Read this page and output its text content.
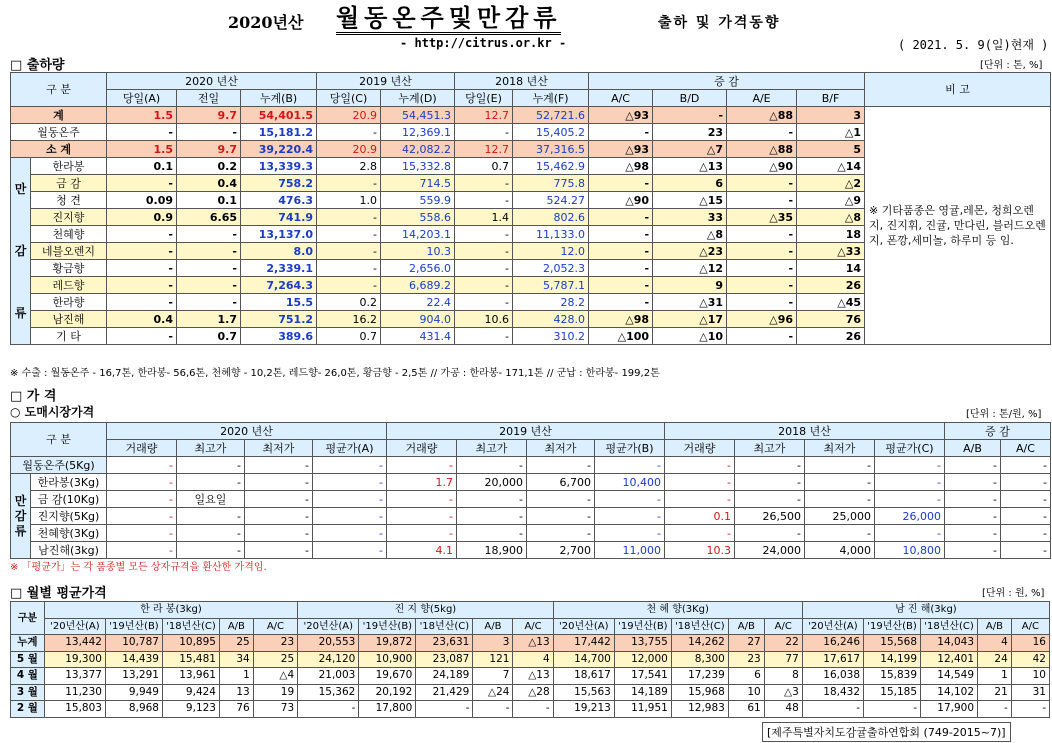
2020년산 월동온주및만감류	출하 및 가격동향
- http://citrus.or.kr -	( 2021. 5. 9(일)현재 )
□ 출하량	[단위 : 톤, %]
구 분		2020 년산			2019 년산		2018 년산		증 감				비 고
		당일(A)	전일	누계(B)	당일(C)	누계(D)	당일(E)	누계(F)	A/C	B/D	A/E	B/F	
계		1.5	9.7	54,401.5	20.9	54,451.3	12.7	52,721.6	△93	-	△88	3	※ 기타품종은 영귤,레몬, 청희오렌지, 진지휘, 진귤, 만다린, 블러드오렌지, 폰깡,세미놀, 하루미 등 임.
월동온주		-	-	15,181.2	-	12,369.1	-	15,405.2	-	23	-	△1	
소 계		1.5	9.7	39,220.4	20.9	42,082.2	12.7	37,316.5	△93	△7	△88	5	

만
감
류	한라봉	0.1	0.2	13,339.3	2.8	15,332.8	0.7	15,462.9	△98	△13	△90	△14	
	금 감	-	0.4	758.2	-	714.5	-	775.8	-	6	-	△2	
	청 견	0.09	0.1	476.3	1.0	559.9	-	524.27	△90	△15	-	△9	
	진지향	0.9	6.65	741.9	-	558.6	1.4	802.6	-	33	△35	△8	
	천혜향	-	-	13,137.0	-	14,203.1	-	11,133.0	-	△8	-	18	
	네블오렌지	-	-	8.0	-	10.3	-	12.0	-	△23	-	△33	
	황금향	-	-	2,339.1	-	2,656.0	-	2,052.3	-	△12	-	14	
	레드향	-	-	7,264.3	-	6,689.2	-	5,787.1	-	9	-	26	
	한라향	-	-	15.5	0.2	22.4	-	28.2	-	△31	-	△45	
	남진해	0.4	1.7	751.2	16.2	904.0	10.6	428.0	△98	△17	△96	76	
	기 타	-	0.7	389.6	0.7	431.4	-	310.2	△100	△10	-	26	
※ 수출 : 월동온주 - 16,7톤, 한라봉- 56,6톤, 천혜향 - 10,2톤, 레드향- 26,0톤, 황금향 - 2,5톤 // 가공 : 한라봉- 171,1톤 // 군납 : 한라봉- 199,2톤
□ 가 격
○ 도매시장가격	[단위 : 톤/원, %]
구 분		2020 년산				2019 년산				2018 년산				증 감	
		거래량	최고가	최저가	평균가(A)	거래량	최고가	최저가	평균가(B)	거래량	최고가	최저가	평균가(C)	A/B	A/C
월동온주(5Kg)		-	-	-	-	-	-	-	-	-	-	-	-	-	-

만
감
류	한라봉(3Kg)	-	-	-	-	1.7	20,000	6,700	10,400	-	-	-	-	-	-
	금 감(10Kg)	-	일요일	-	-	-	-	-	-	-	-	-	-	-	-
	진지향(5Kg)	-	-	-	-	-	-	-	-	0.1	26,500	25,000	26,000	-	-
	천혜향(3Kg)	-	-	-	-	-	-	-	-	-	-	-	-	-	-
	남진해(3kg)	-	-	-	-	4.1	18,900	2,700	11,000	10.3	24,000	4,000	10,800	-	-
※ 「평균가」는 각 품종별 모든 상자규격을 환산한 가격임.
□ 월별 평균가격	[단위 : 원, %]
구분	한 라 봉(3kg)					진 지 향(5kg)					천 혜 향(3Kg)					남 진 해(3kg)				
	'20년산(A)	'19년산(B)	'18년산(C)	A/B	A/C	'20년산(A)	'19년산(B)	'18년산(C)	A/B	A/C	'20년산(A)	'19년산(B)	'18년산(C)	A/B	A/C	'20년산(A)	'19년산(B)	'18년산(C)	A/B	A/C
누계	13,442	10,787	10,895	25	23	20,553	19,872	23,631	3	△13	17,442	13,755	14,262	27	22	16,246	15,568	14,043	4	16
5 월	19,300	14,439	15,481	34	25	24,120	10,900	23,087	121	4	14,700	12,000	8,300	23	77	17,617	14,199	12,401	24	42
4 월	13,377	13,291	13,961	1	△4	21,003	19,670	24,189	7	△13	18,617	17,541	17,239	6	8	16,038	15,839	14,549	1	10
3 월	11,230	9,949	9,424	13	19	15,362	20,192	21,429	△24	△28	15,563	14,189	15,968	10	△3	18,432	15,185	14,102	21	31
2 월	15,803	8,968	9,123	76	73	-	17,800	-	-	-	19,213	11,951	12,983	61	48	-	-	17,900	-	-
[제주특별자치도감귤출하연합회 (749-2015~7)]
